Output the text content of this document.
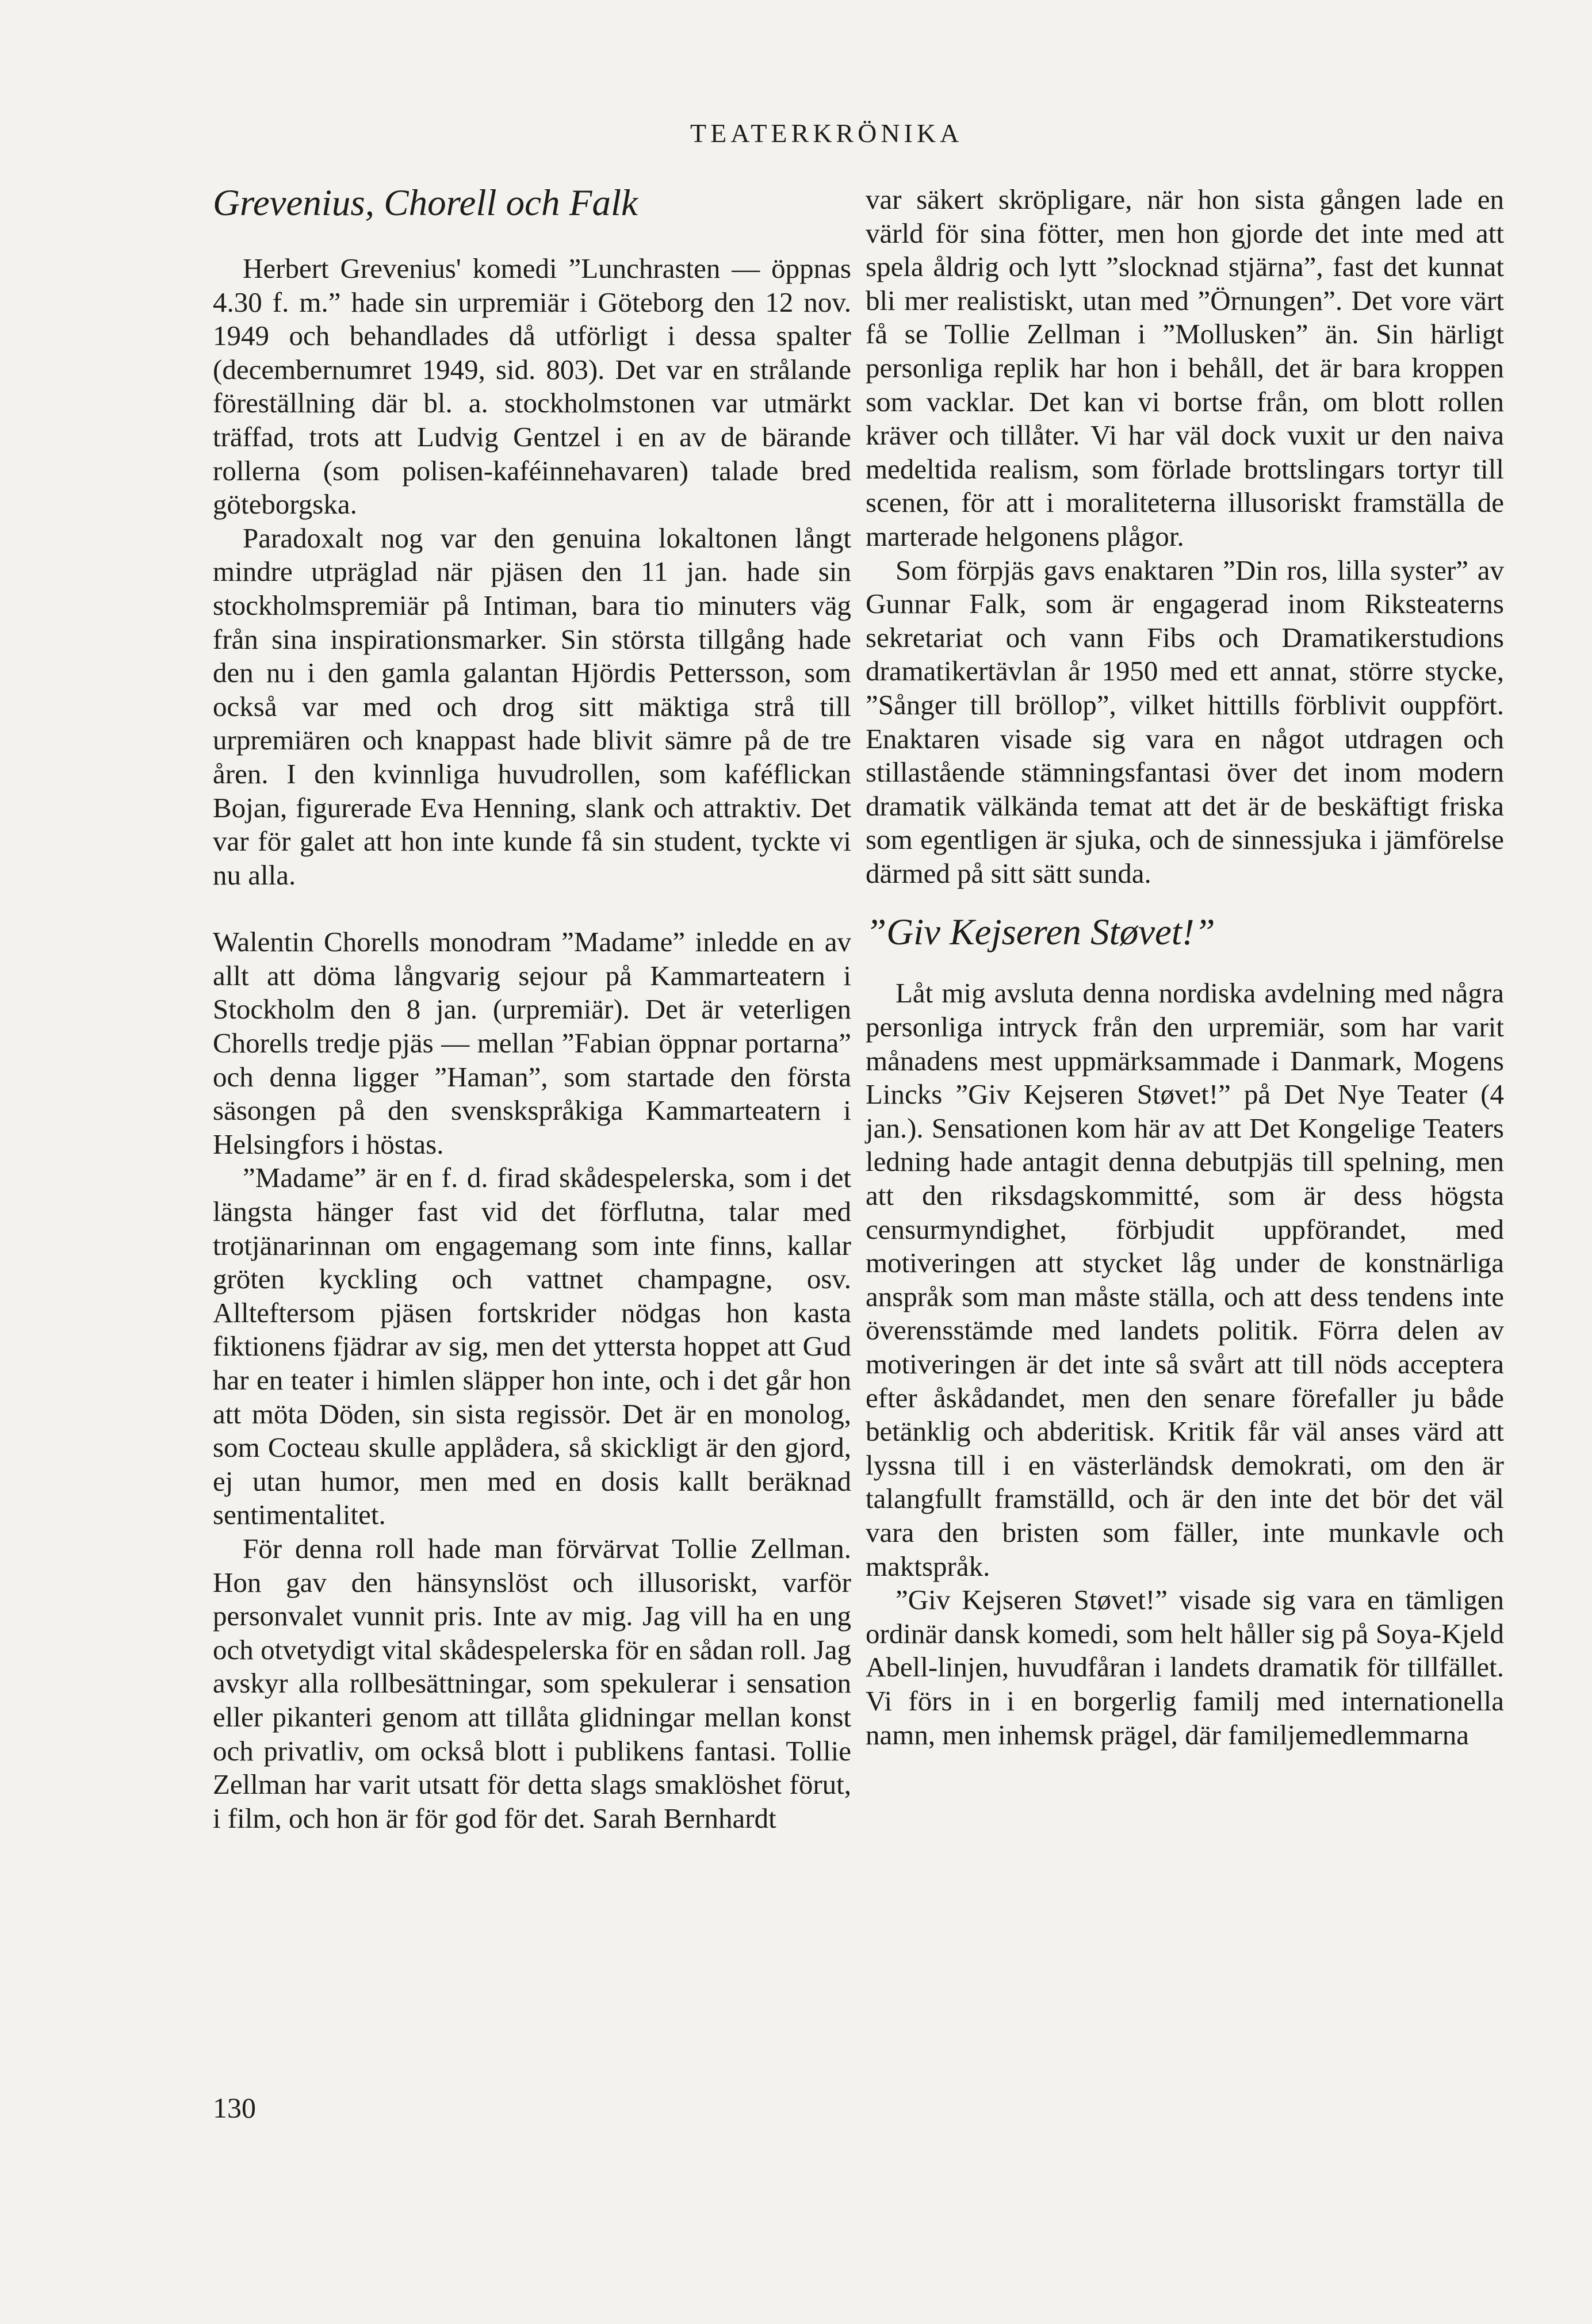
TEATERKRÖNIKA
Grevenius, Chorell och Falk

Herbert Grevenius' komedi ”Lunchrasten — öppnas 4.30 f. m.” hade sin urpremiär i Göteborg den 12 nov. 1949 och behandlades då utförligt i dessa spalter (decembernumret 1949, sid. 803). Det var en strålande föreställning där bl. a. stockholmstonen var utmärkt träffad, trots att Ludvig Gentzel i en av de bärande rollerna (som polisen-kaféinnehavaren) talade bred göteborgska.

Paradoxalt nog var den genuina lokaltonen långt mindre utpräglad när pjäsen den 11 jan. hade sin stockholmspremiär på Intiman, bara tio minuters väg från sina inspirationsmarker. Sin största tillgång hade den nu i den gamla galantan Hjördis Pettersson, som också var med och drog sitt mäktiga strå till urpremiären och knappast hade blivit sämre på de tre åren. I den kvinnliga huvudrollen, som kaféflickan Bojan, figurerade Eva Henning, slank och attraktiv. Det var för galet att hon inte kunde få sin student, tyckte vi nu alla.

Walentin Chorells monodram ”Madame” inledde en av allt att döma långvarig sejour på Kammarteatern i Stockholm den 8 jan. (urpremiär). Det är veterligen Chorells tredje pjäs — mellan ”Fabian öppnar portarna” och denna ligger ”Haman”, som startade den första säsongen på den svenskspråkiga Kammarteatern i Helsingfors i höstas.

”Madame” är en f. d. firad skådespelerska, som i det längsta hänger fast vid det förflutna, talar med trotjänarinnan om engagemang som inte finns, kallar gröten kyckling och vattnet champagne, osv. Allteftersom pjäsen fortskrider nödgas hon kasta fiktionens fjädrar av sig, men det yttersta hoppet att Gud har en teater i himlen släpper hon inte, och i det går hon att möta Döden, sin sista regissör. Det är en monolog, som Cocteau skulle applådera, så skickligt är den gjord, ej utan humor, men med en dosis kallt beräknad sentimentalitet.

För denna roll hade man förvärvat Tollie Zellman. Hon gav den hänsynslöst och illusoriskt, varför personvalet vunnit pris. Inte av mig. Jag vill ha en ung och otvetydigt vital skådespelerska för en sådan roll. Jag avskyr alla rollbesättningar, som spekulerar i sensation eller pikanteri genom att tillåta glidningar mellan konst och privatliv, om också blott i publikens fantasi. Tollie Zellman har varit utsatt för detta slags smaklöshet förut, i film, och hon är för god för det. Sarah Bernhardt

var säkert skröpligare, när hon sista gången lade en värld för sina fötter, men hon gjorde det inte med att spela åldrig och lytt ”slocknad stjärna”, fast det kunnat bli mer realistiskt, utan med ”Örnungen”. Det vore värt få se Tollie Zellman i ”Mollusken” än. Sin härligt personliga replik har hon i behåll, det är bara kroppen som vacklar. Det kan vi bortse från, om blott rollen kräver och tillåter. Vi har väl dock vuxit ur den naiva medeltida realism, som förlade brottslingars tortyr till scenen, för att i moraliteterna illusoriskt framställa de marterade helgonens plågor.

Som förpjäs gavs enaktaren ”Din ros, lilla syster” av Gunnar Falk, som är engagerad inom Riksteaterns sekretariat och vann Fibs och Dramatikerstudions dramatikertävlan år 1950 med ett annat, större stycke, ”Sånger till bröllop”, vilket hittills förblivit ouppfört. Enaktaren visade sig vara en något utdragen och stillastående stämningsfantasi över det inom modern dramatik välkända temat att det är de beskäftigt friska som egentligen är sjuka, och de sinnessjuka i jämförelse därmed på sitt sätt sunda.

”Giv Kejseren Støvet!”

Låt mig avsluta denna nordiska avdelning med några personliga intryck från den urpremiär, som har varit månadens mest uppmärksammade i Danmark, Mogens Lincks ”Giv Kejseren Støvet!” på Det Nye Teater (4 jan.). Sensationen kom här av att Det Kongelige Teaters ledning hade antagit denna debutpjäs till spelning, men att den riksdagskommitté, som är dess högsta censurmyndighet, förbjudit uppförandet, med motiveringen att stycket låg under de konstnärliga anspråk som man måste ställa, och att dess tendens inte överensstämde med landets politik. Förra delen av motiveringen är det inte så svårt att till nöds acceptera efter åskådandet, men den senare förefaller ju både betänklig och abderitisk. Kritik får väl anses värd att lyssna till i en västerländsk demokrati, om den är talangfullt framställd, och är den inte det bör det väl vara den bristen som fäller, inte munkavle och maktspråk.

”Giv Kejseren Støvet!” visade sig vara en tämligen ordinär dansk komedi, som helt håller sig på Soya-Kjeld Abell-linjen, huvudfåran i landets dramatik för tillfället. Vi förs in i en borgerlig familj med internationella namn, men inhemsk prägel, där familjemedlemmarna

130
